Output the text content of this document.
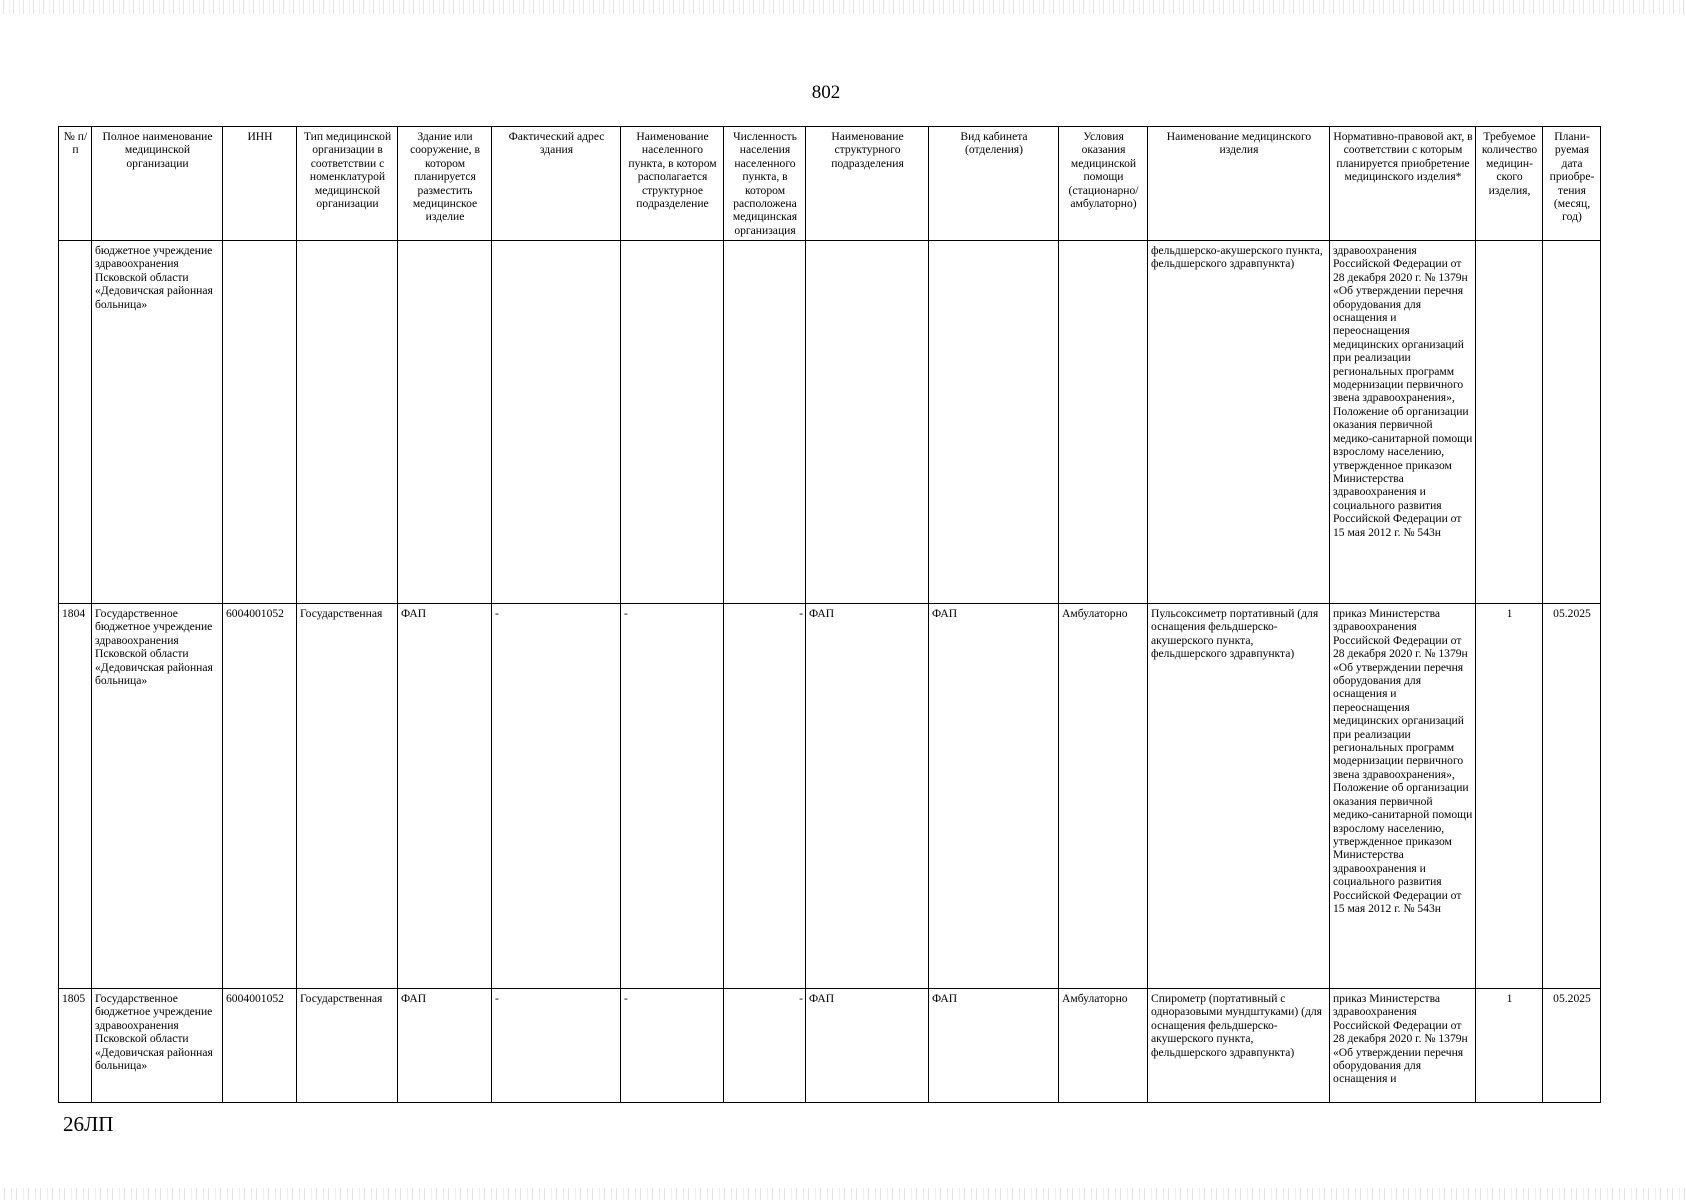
802
№ п/п	Полное наименование медицинской организации	ИНН	Тип медицинской организации в соответствии с номенклатурой медицинской организации	Здание или сооружение, в котором планируется разместить медицинское изделие	Фактический адрес здания	Наименование населенного пункта, в котором располагается структурное подразделение	Численность населения населенного пункта, в котором расположена медицинская организация	Наименование структурного подразделения	Вид кабинета (отделения)	Условия оказания медицинской помощи (стационарно/ амбулаторно)	Наименование медицинского изделия	Нормативно-правовой акт, в соответствии с которым планируется приобретение медицинского изделия*	Требуемое количество медицин-ского изделия,	Плани-руемая дата приобре-тения (месяц, год)
	бюджетное учреждение здравоохранения Псковской области «Дедовичская районная больница»										фельдшерско-акушерского пункта, фельдшерского здравпункта)	здравоохранения Российской Федерации от 28 декабря 2020 г. № 1379н «Об утверждении перечня оборудования для оснащения и переоснащения медицинских организаций при реализации региональных программ модернизации первичного звена здравоохранения», Положение об организации оказания первичной медико-санитарной помощи взрослому населению, утвержденное приказом Министерства здравоохранения и социального развития Российской Федерации от 15 мая 2012 г. № 543н		
1804	Государственное бюджетное учреждение здравоохранения Псковской области «Дедовичская районная больница»	6004001052	Государственная	ФАП	-	-	-	ФАП	ФАП	Амбулаторно	Пульсоксиметр портативный (для оснащения фельдшерско-акушерского пункта, фельдшерского здравпункта)	приказ Министерства здравоохранения Российской Федерации от 28 декабря 2020 г. № 1379н «Об утверждении перечня оборудования для оснащения и переоснащения медицинских организаций при реализации региональных программ модернизации первичного звена здравоохранения», Положение об организации оказания первичной медико-санитарной помощи взрослому населению, утвержденное приказом Министерства здравоохранения и социального развития Российской Федерации от 15 мая 2012 г. № 543н	1	05.2025
1805	Государственное бюджетное учреждение здравоохранения Псковской области «Дедовичская районная больница»	6004001052	Государственная	ФАП	-	-	-	ФАП	ФАП	Амбулаторно	Спирометр (портативный с одноразовыми мундштуками) (для оснащения фельдшерско-акушерского пункта, фельдшерского здравпункта)	приказ Министерства здравоохранения Российской Федерации от 28 декабря 2020 г. № 1379н «Об утверждении перечня оборудования для оснащения и	1	05.2025
26ЛП
